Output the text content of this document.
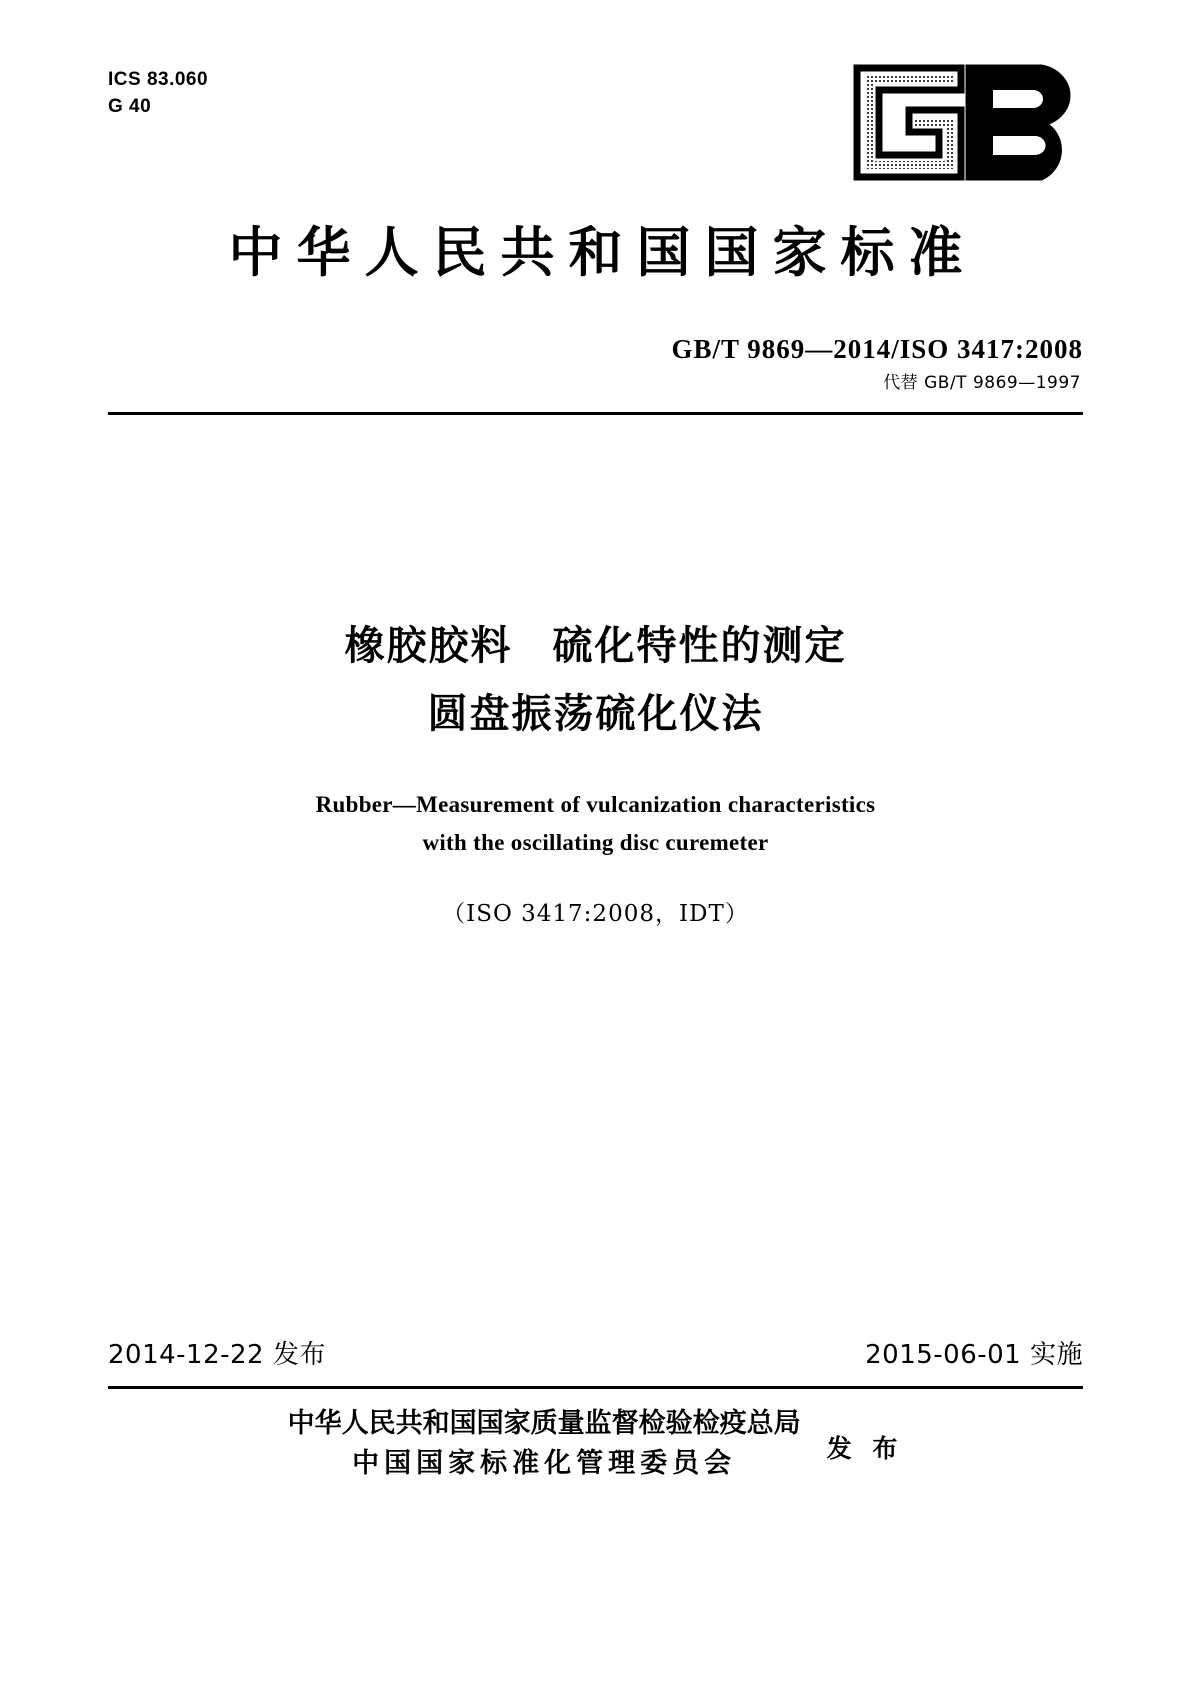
ICS 83.060
G 40
中华人民共和国国家标准
GB/T 9869—2014/ISO 3417:2008
代替 GB/T 9869—1997
橡胶胶料 硫化特性的测定
圆盘振荡硫化仪法
Rubber—Measurement of vulcanization characteristics
with the oscillating disc curemeter
（ISO 3417:2008，IDT）
2014-12-22 发布	2015-06-01 实施
中华人民共和国国家质量监督检验检疫总局
中国国家标准化管理委员会	发 布
